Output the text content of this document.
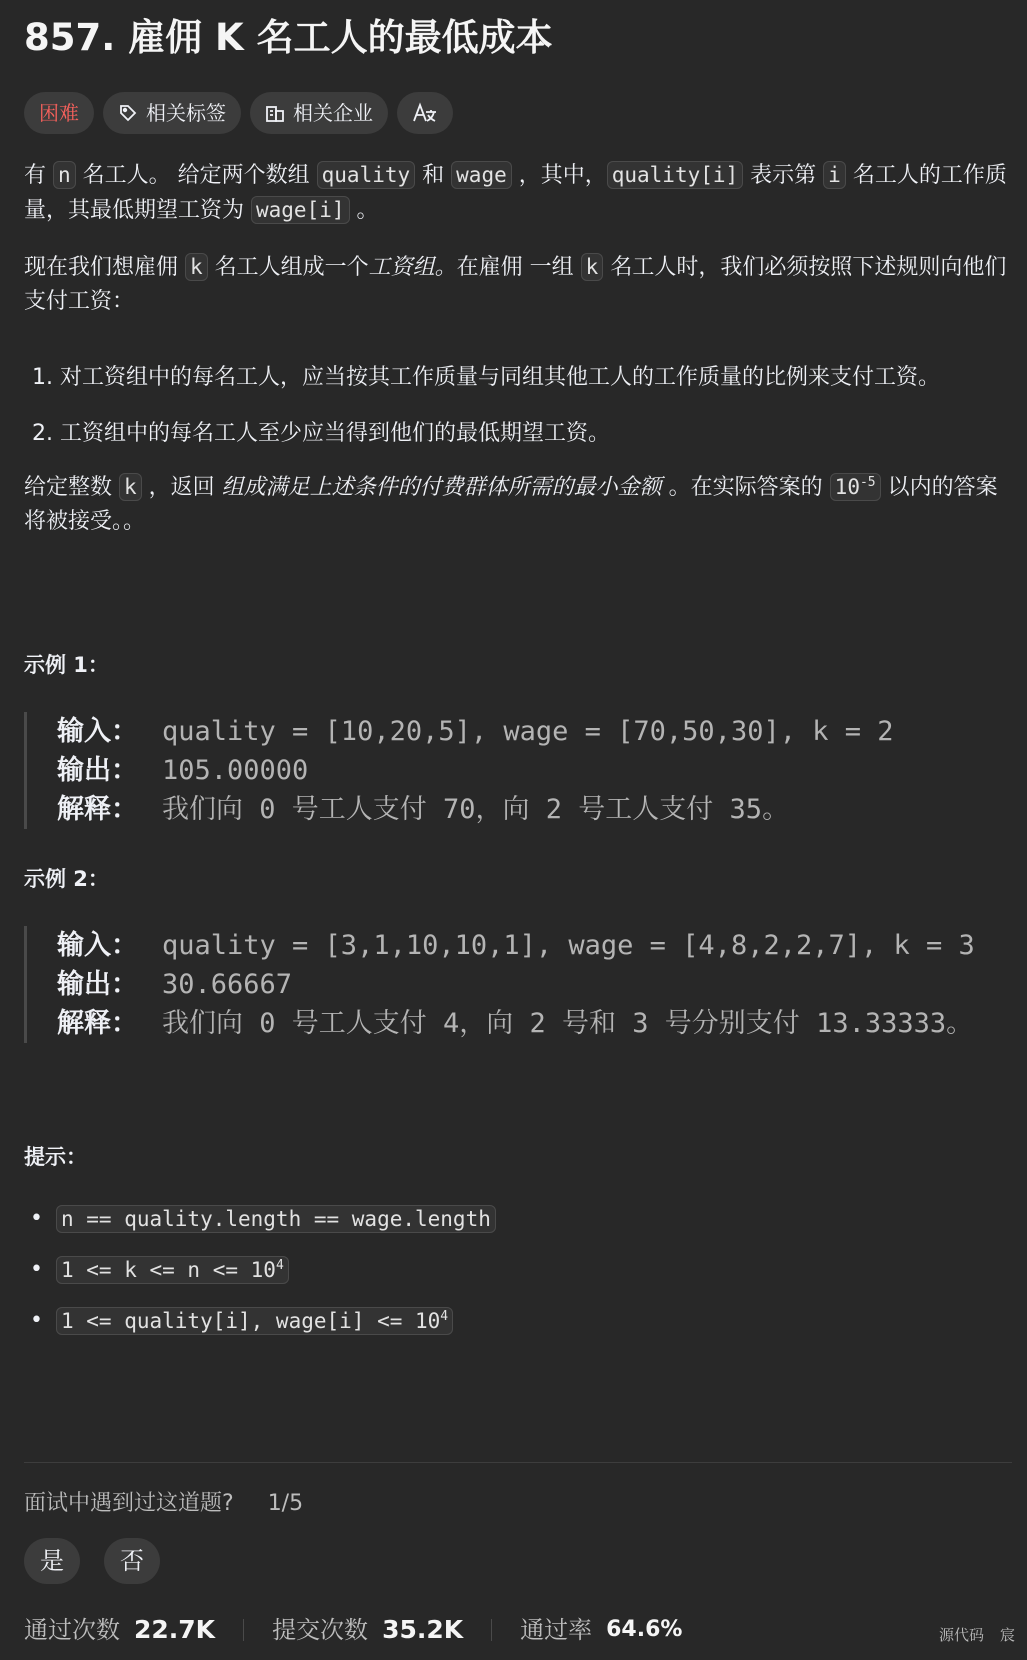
857. 雇佣 K 名工人的最低成本
困难	相关标签	相关企业
有 n 名工人。 给定两个数组 quality 和 wage ，其中， quality[i] 表示第 i 名工人的工作质量，其最低期望工资为 wage[i] 。
现在我们想雇佣 k 名工人组成一个工资组。在雇佣 一组 k 名工人时，我们必须按照下述规则向他们支付工资：
1. 对工资组中的每名工人，应当按其工作质量与同组其他工人的工作质量的比例来支付工资。
2. 工资组中的每名工人至少应当得到他们的最低期望工资。
给定整数 k ，返回 组成满足上述条件的付费群体所需的最小金额 。在实际答案的 $10^{-5}$ 以内的答案将被接受。。
示例 1：
输入： quality = [10,20,5], wage = [70,50,30], k = 2
输出： 105.00000
解释： 我们向 0 号工人支付 70，向 2 号工人支付 35。
示例 2：
输入： quality = [3,1,10,10,1], wage = [4,8,2,2,7], k = 3
输出： 30.66667
解释： 我们向 0 号工人支付 4，向 2 号和 3 号分别支付 13.33333。
提示：
• n == quality.length == wage.length
• $1 <= k <= n <= 10^4$
• 1 <= quality[i], wage[i] <= $10^4$
面试中遇到过这道题? 1/5
是 否
通过次数 22.7K 提交次数 35.2K 通过率 64.6%	源代码 宸
